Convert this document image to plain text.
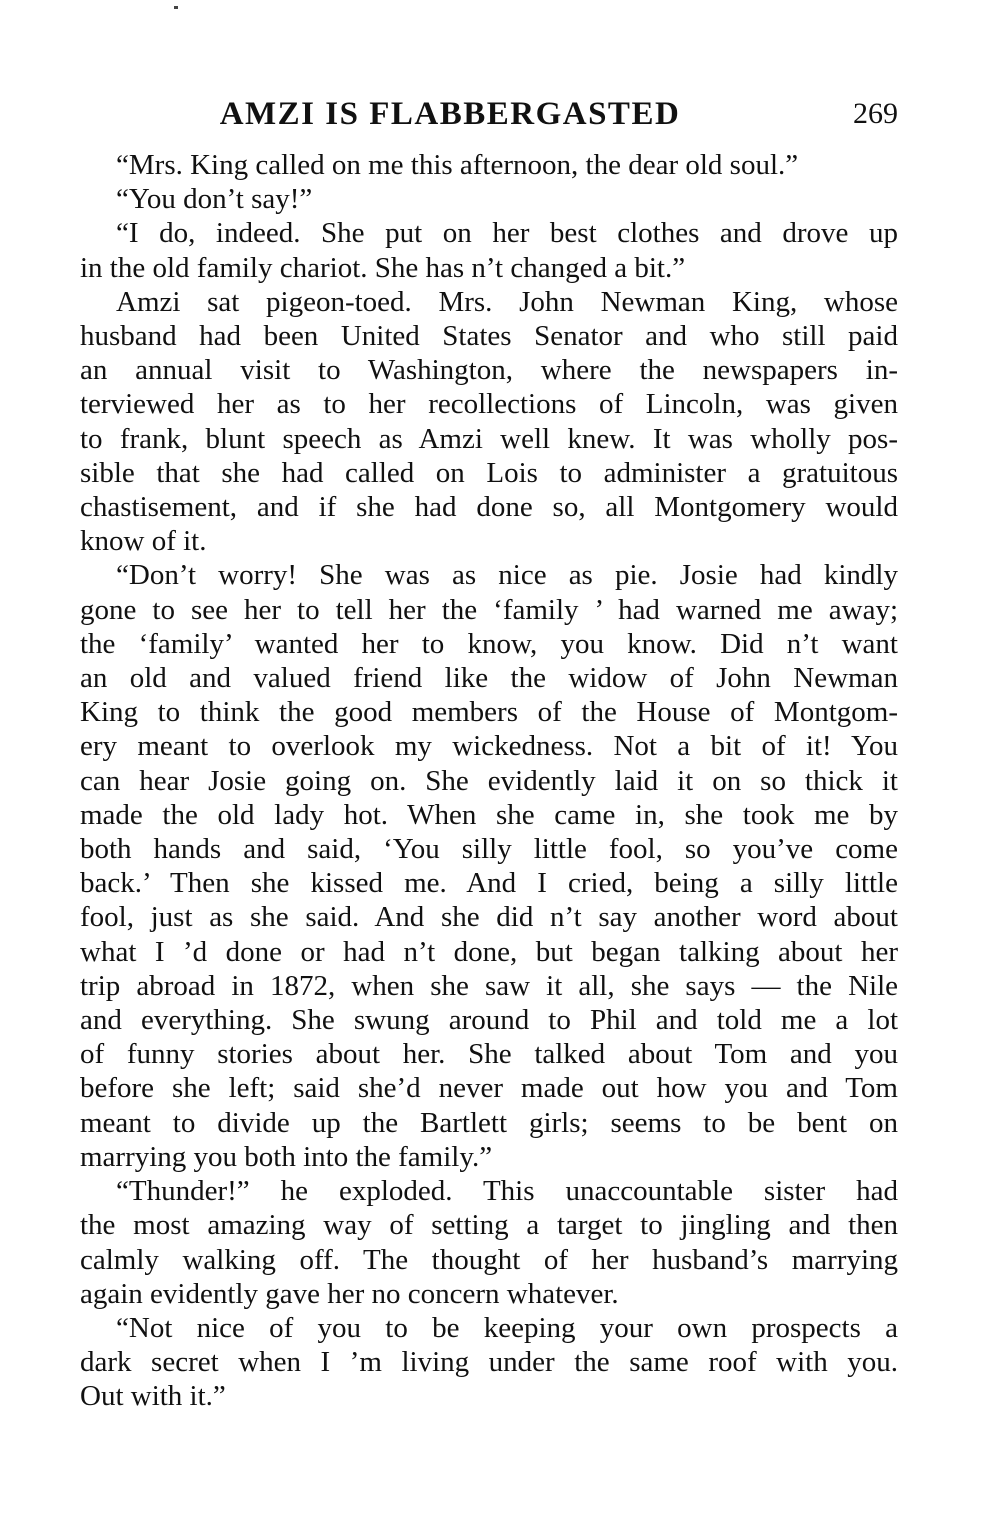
AMZI IS FLABBERGASTED	269
“Mrs. King called on me this afternoon, the dear old soul.”
“You don’t say!”
“I do, indeed. She put on her best clothes and drove up
in the old family chariot. She has n’t changed a bit.”
Amzi sat pigeon-toed. Mrs. John Newman King, whose
husband had been United States Senator and who still paid
an annual visit to Washington, where the newspapers in-
terviewed her as to her recollections of Lincoln, was given
to frank, blunt speech as Amzi well knew. It was wholly pos-
sible that she had called on Lois to administer a gratuitous
chastisement, and if she had done so, all Montgomery would
know of it.
“Don’t worry! She was as nice as pie. Josie had kindly
gone to see her to tell her the ‘family ’ had warned me away;
the ‘family’ wanted her to know, you know. Did n’t want
an old and valued friend like the widow of John Newman
King to think the good members of the House of Montgom-
ery meant to overlook my wickedness. Not a bit of it! You
can hear Josie going on. She evidently laid it on so thick it
made the old lady hot. When she came in, she took me by
both hands and said, ‘You silly little fool, so you’ve come
back.’ Then she kissed me. And I cried, being a silly little
fool, just as she said. And she did n’t say another word about
what I ’d done or had n’t done, but began talking about her
trip abroad in 1872, when she saw it all, she says — the Nile
and everything. She swung around to Phil and told me a lot
of funny stories about her. She talked about Tom and you
before she left; said she’d never made out how you and Tom
meant to divide up the Bartlett girls; seems to be bent on
marrying you both into the family.”
“Thunder!” he exploded. This unaccountable sister had
the most amazing way of setting a target to jingling and then
calmly walking off. The thought of her husband’s marrying
again evidently gave her no concern whatever.
“Not nice of you to be keeping your own prospects a
dark secret when I ’m living under the same roof with you.
Out with it.”
